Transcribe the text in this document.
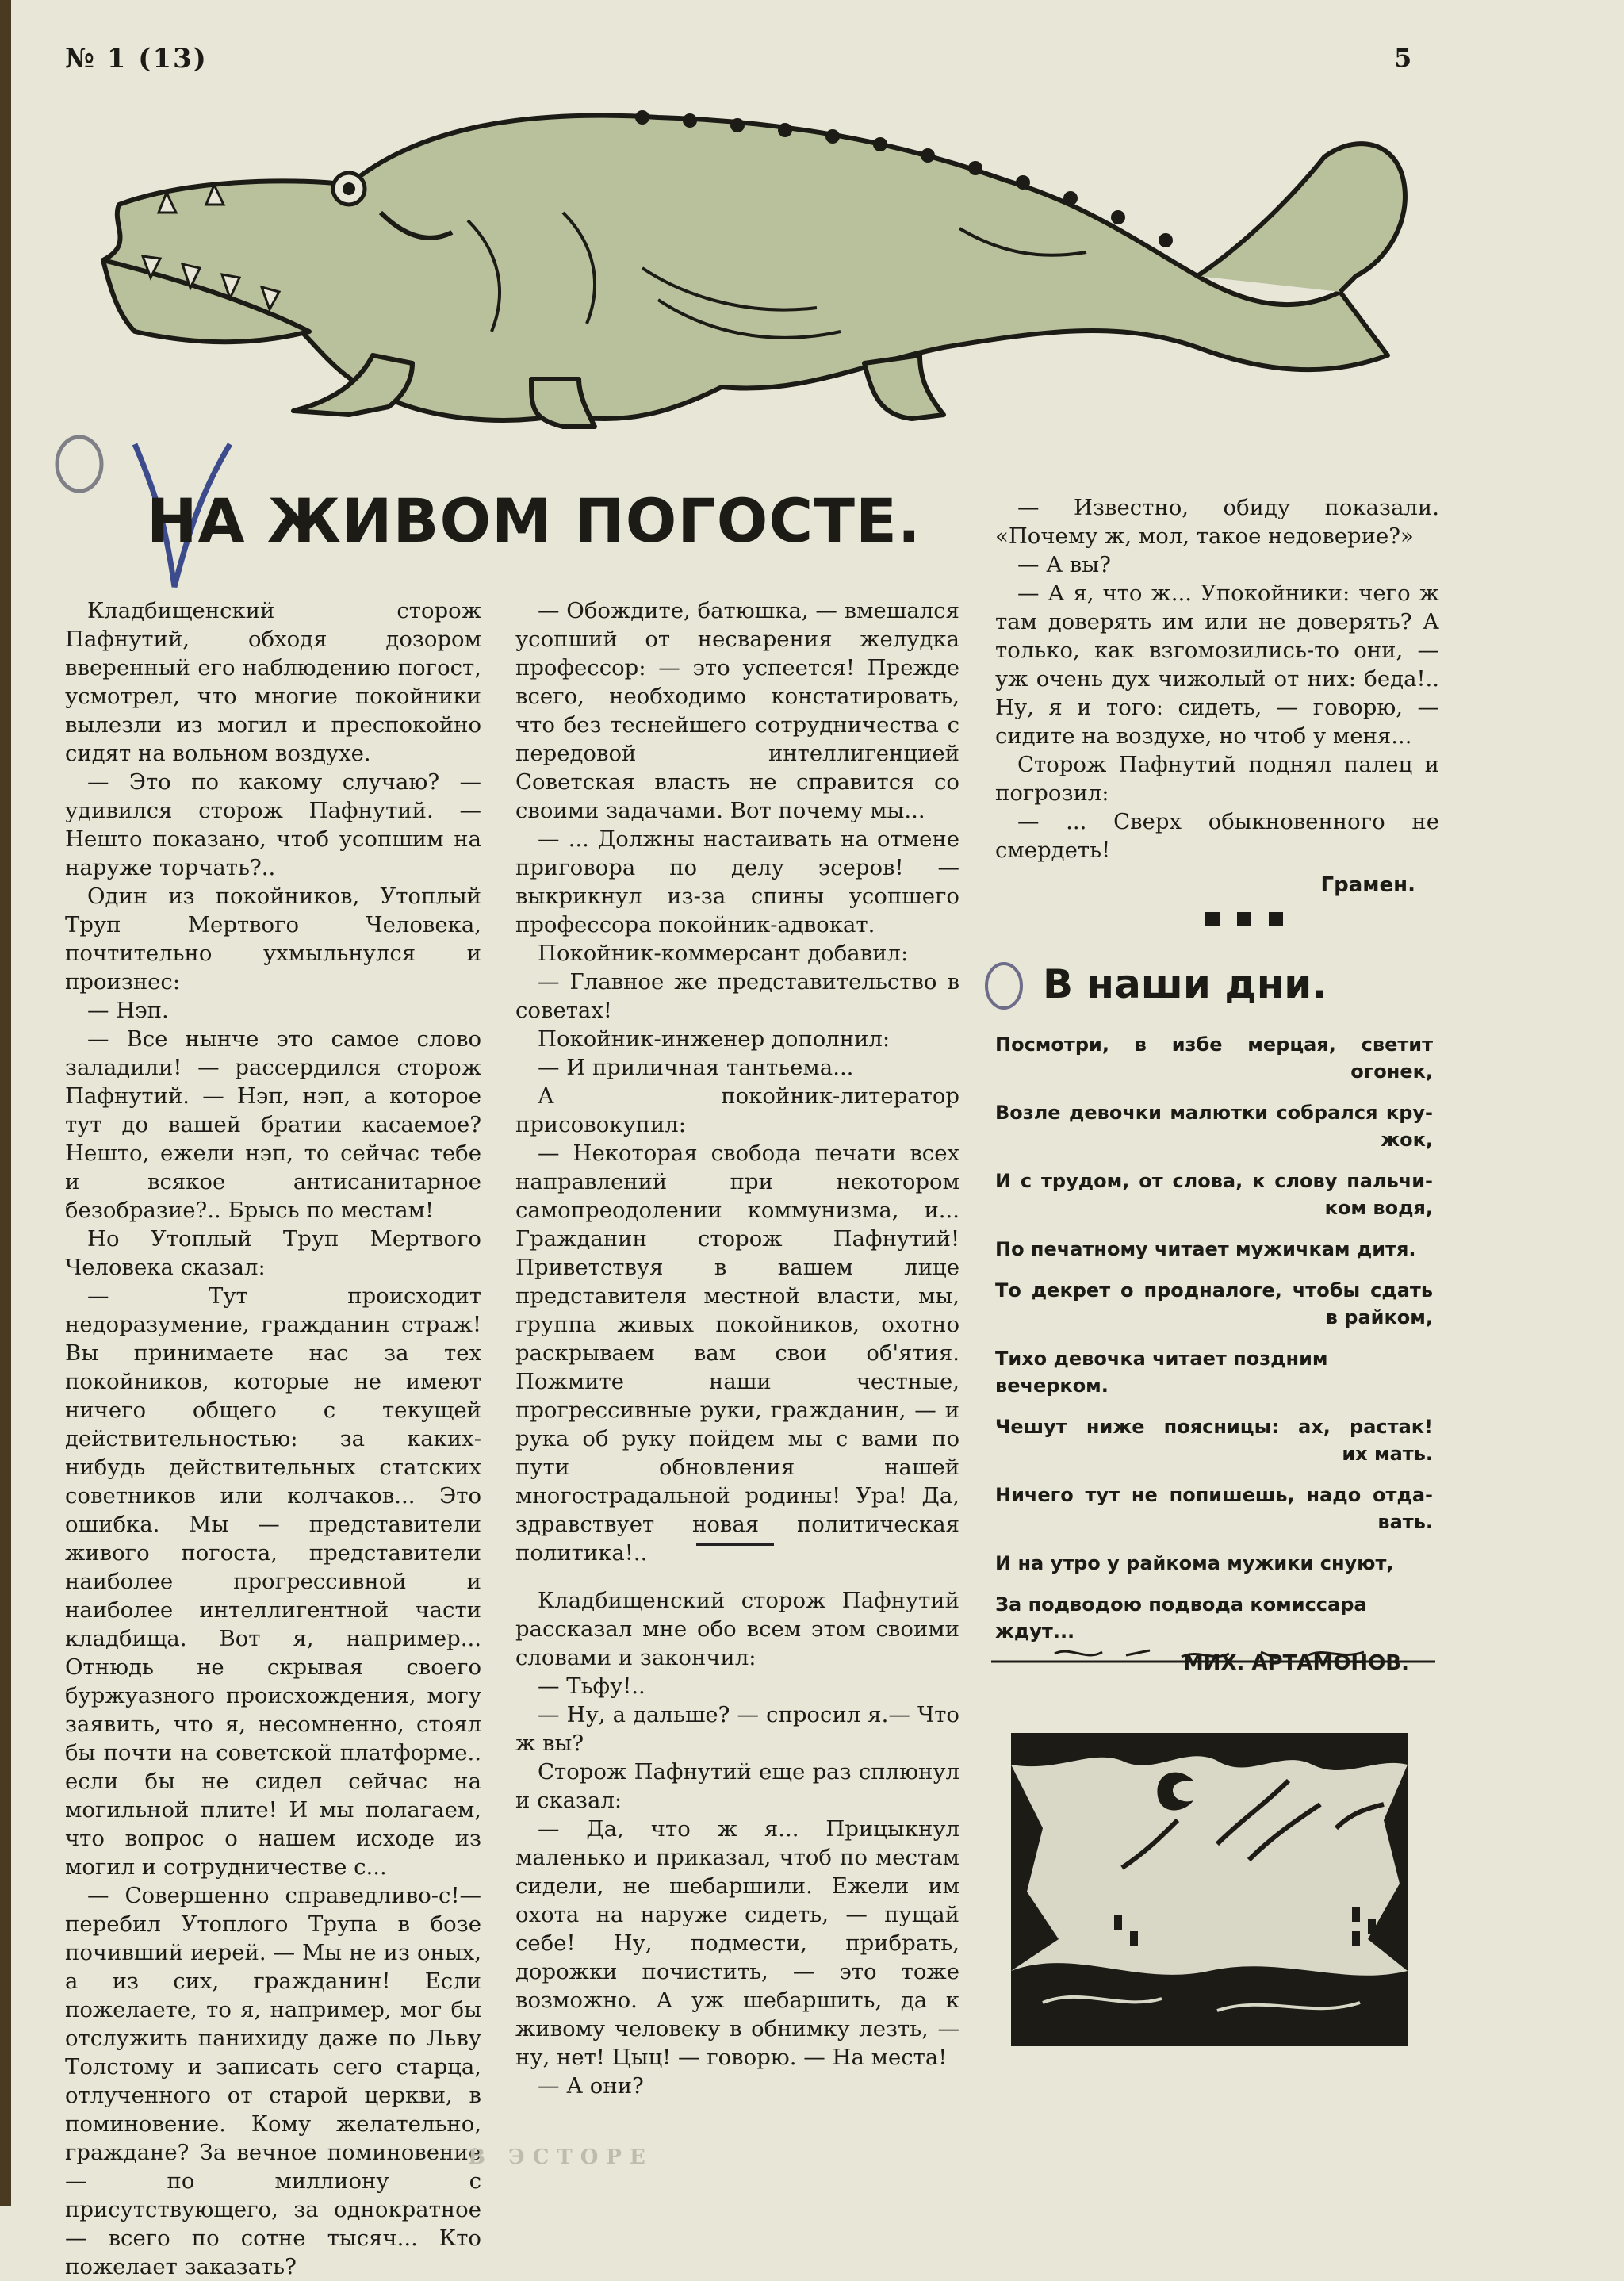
№ 1 (13)	5
НА ЖИВОМ ПОГОСТЕ.

Кладбищенский сторож Пафнутий, обходя дозором вверенный его наблюдению погост, усмотрел, что многие покойники вылезли из могил и преспокойно сидят на вольном воздухе.

— Это по какому случаю? — удивился сторож Пафнутий. — Нешто показано, чтоб усопшим на наруже торчать?..

Один из покойников, Утоплый Труп Мертвого Человека, почтительно ухмыльнулся и произнес:

— Нэп.

— Все нынче это самое слово заладили! — рассердился сторож Пафнутий. — Нэп, нэп, а которое тут до вашей братии касаемое? Нешто, ежели нэп, то сейчас тебе и всякое антисанитарное безобразие?.. Брысь по местам!

Но Утоплый Труп Мертвого Человека сказал:

— Тут происходит недоразумение, гражданин страж! Вы принимаете нас за тех покойников, которые не имеют ничего общего с текущей действительностью: за каких-нибудь действительных статских советников или колчаков... Это ошибка. Мы — представители живого погоста, представители наиболее прогрессивной и наиболее интеллигентной части кладбища. Вот я, например... Отнюдь не скрывая своего буржуазного происхождения, могу заявить, что я, несомненно, стоял бы почти на советской платформе.. если бы не сидел сейчас на могильной плите! И мы полагаем, что вопрос о нашем исходе из могил и сотрудничестве с...

— Совершенно справедливо-с!—перебил Утоплого Трупа в бозе почивший иерей. — Мы не из оных, а из сих, гражданин! Если пожелаете, то я, например, мог бы отслужить панихиду даже по Льву Толстому и записать сего старца, отлученного от старой церкви, в поминовение. Кому желательно, граждане? За вечное поминовение — по миллиону с присутствующего, за однократное — всего по сотне тысяч... Кто пожелает заказать?

— Обождите, батюшка, — вмешался усопший от несварения желудка профессор: — это успеется! Прежде всего, необходимо констатировать, что без теснейшего сотрудничества с передовой интеллигенцией Советская власть не справится со своими задачами. Вот почему мы...

— ... Должны настаивать на отмене приговора по делу эсеров! — выкрикнул из-за спины усопшего профессора покойник-адвокат.

Покойник-коммерсант добавил:

— Главное же представительство в советах!

Покойник-инженер дополнил:

— И приличная тантьема...

А покойник-литератор присовокупил:

— Некоторая свобода печати всех направлений при некотором самопреодолении коммунизма, и... Гражданин сторож Пафнутий! Приветствуя в вашем лице представителя местной власти, мы, группа живых покойников, охотно раскрываем вам свои об'ятия. Пожмите наши честные, прогрессивные руки, гражданин, — и рука об руку пойдем мы с вами по пути обновления нашей многострадальной родины! Ура! Да, здравствует новая политическая политика!..

Кладбищенский сторож Пафнутий рассказал мне обо всем этом своими словами и закончил:

— Тьфу!..

— Ну, а дальше? — спросил я.— Что ж вы?

Сторож Пафнутий еще раз сплюнул и сказал:

— Да, что ж я... Прицыкнул маленько и приказал, чтоб по местам сидели, не шебаршили. Ежели им охота на наруже сидеть, — пущай себе! Ну, подмести, прибрать, дорожки почистить, — это тоже возможно. А уж шебаршить, да к живому человеку в обнимку лезть, — ну, нет! Цыц! — говорю. — На места!

— А они?

— Известно, обиду показали. «Почему ж, мол, такое недоверие?»

— А вы?

— А я, что ж... Упокойники: чего ж там доверять им или не доверять? А только, как взгомозились-то они, — уж очень дух чижолый от них: беда!.. Ну, я и того: сидеть, — говорю, — сидите на воздухе, но чтоб у меня...

Сторож Пафнутий поднял палец и погрозил:

— ... Сверх обыкновенного не смердеть!

Грамен.

В наши дни.
Посмотри, в избе мерцая, светит
огонек,
Возле девочки малютки собрался кру-
жок,
И с трудом, от слова, к слову пальчи-
ком водя,
По печатному читает мужичкам дитя.
То декрет о продналоге, чтобы сдать
в райком,
Тихо девочка читает поздним вечерком.
Чешут ниже поясницы: ах, растак!
их мать.
Ничего тут не попишешь, надо отда-
вать.
И на утро у райкома мужики снуют,
За подводою подвода комиссара ждут...
МИХ. АРТАМОНОВ.
В ЭСТОРЕ
